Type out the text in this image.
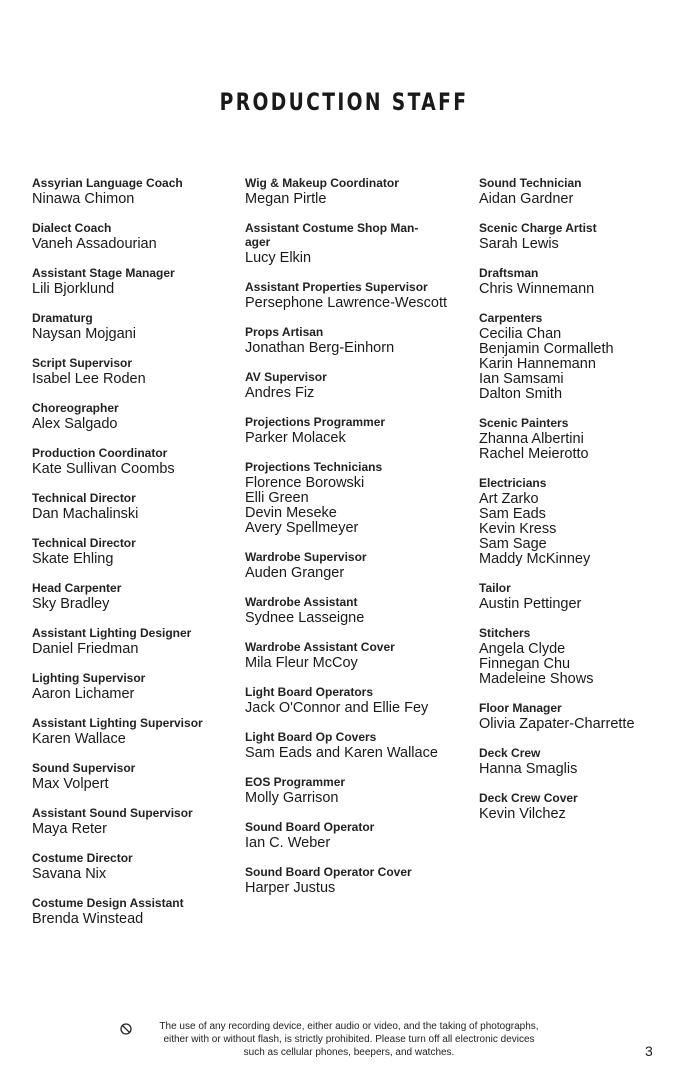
PRODUCTION STAFF
Assyrian Language Coach
Ninawa Chimon
Dialect Coach
Vaneh Assadourian
Assistant Stage Manager
Lili Bjorklund
Dramaturg
Naysan Mojgani
Script Supervisor
Isabel Lee Roden
Choreographer
Alex Salgado
Production Coordinator
Kate Sullivan Coombs
Technical Director
Dan Machalinski
Technical Director
Skate Ehling
Head Carpenter
Sky Bradley
Assistant Lighting Designer
Daniel Friedman
Lighting Supervisor
Aaron Lichamer
Assistant Lighting Supervisor
Karen Wallace
Sound Supervisor
Max Volpert
Assistant Sound Supervisor
Maya Reter
Costume Director
Savana Nix
Costume Design Assistant
Brenda Winstead
Wig & Makeup Coordinator
Megan Pirtle
Assistant Costume Shop Man-
ager
Lucy Elkin
Assistant Properties Supervisor
Persephone Lawrence-Wescott
Props Artisan
Jonathan Berg-Einhorn
AV Supervisor
Andres Fiz
Projections Programmer
Parker Molacek
Projections Technicians
Florence Borowski
Elli Green
Devin Meseke
Avery Spellmeyer
Wardrobe Supervisor
Auden Granger
Wardrobe Assistant
Sydnee Lasseigne
Wardrobe Assistant Cover
Mila Fleur McCoy
Light Board Operators
Jack O'Connor and Ellie Fey
Light Board Op Covers
Sam Eads and Karen Wallace
EOS Programmer
Molly Garrison
Sound Board Operator
Ian C. Weber
Sound Board Operator Cover
Harper Justus
Sound Technician
Aidan Gardner
Scenic Charge Artist
Sarah Lewis
Draftsman
Chris Winnemann
Carpenters
Cecilia Chan
Benjamin Cormalleth
Karin Hannemann
Ian Samsami
Dalton Smith
Scenic Painters
Zhanna Albertini
Rachel Meierotto
Electricians
Art Zarko
Sam Eads
Kevin Kress
Sam Sage
Maddy McKinney
Tailor
Austin Pettinger
Stitchers
Angela Clyde
Finnegan Chu
Madeleine Shows
Floor Manager
Olivia Zapater-Charrette
Deck Crew
Hanna Smaglis
Deck Crew Cover
Kevin Vilchez
The use of any recording device, either audio or video, and the taking of photographs,
either with or without flash, is strictly prohibited. Please turn off all electronic devices
such as cellular phones, beepers, and watches.	3
